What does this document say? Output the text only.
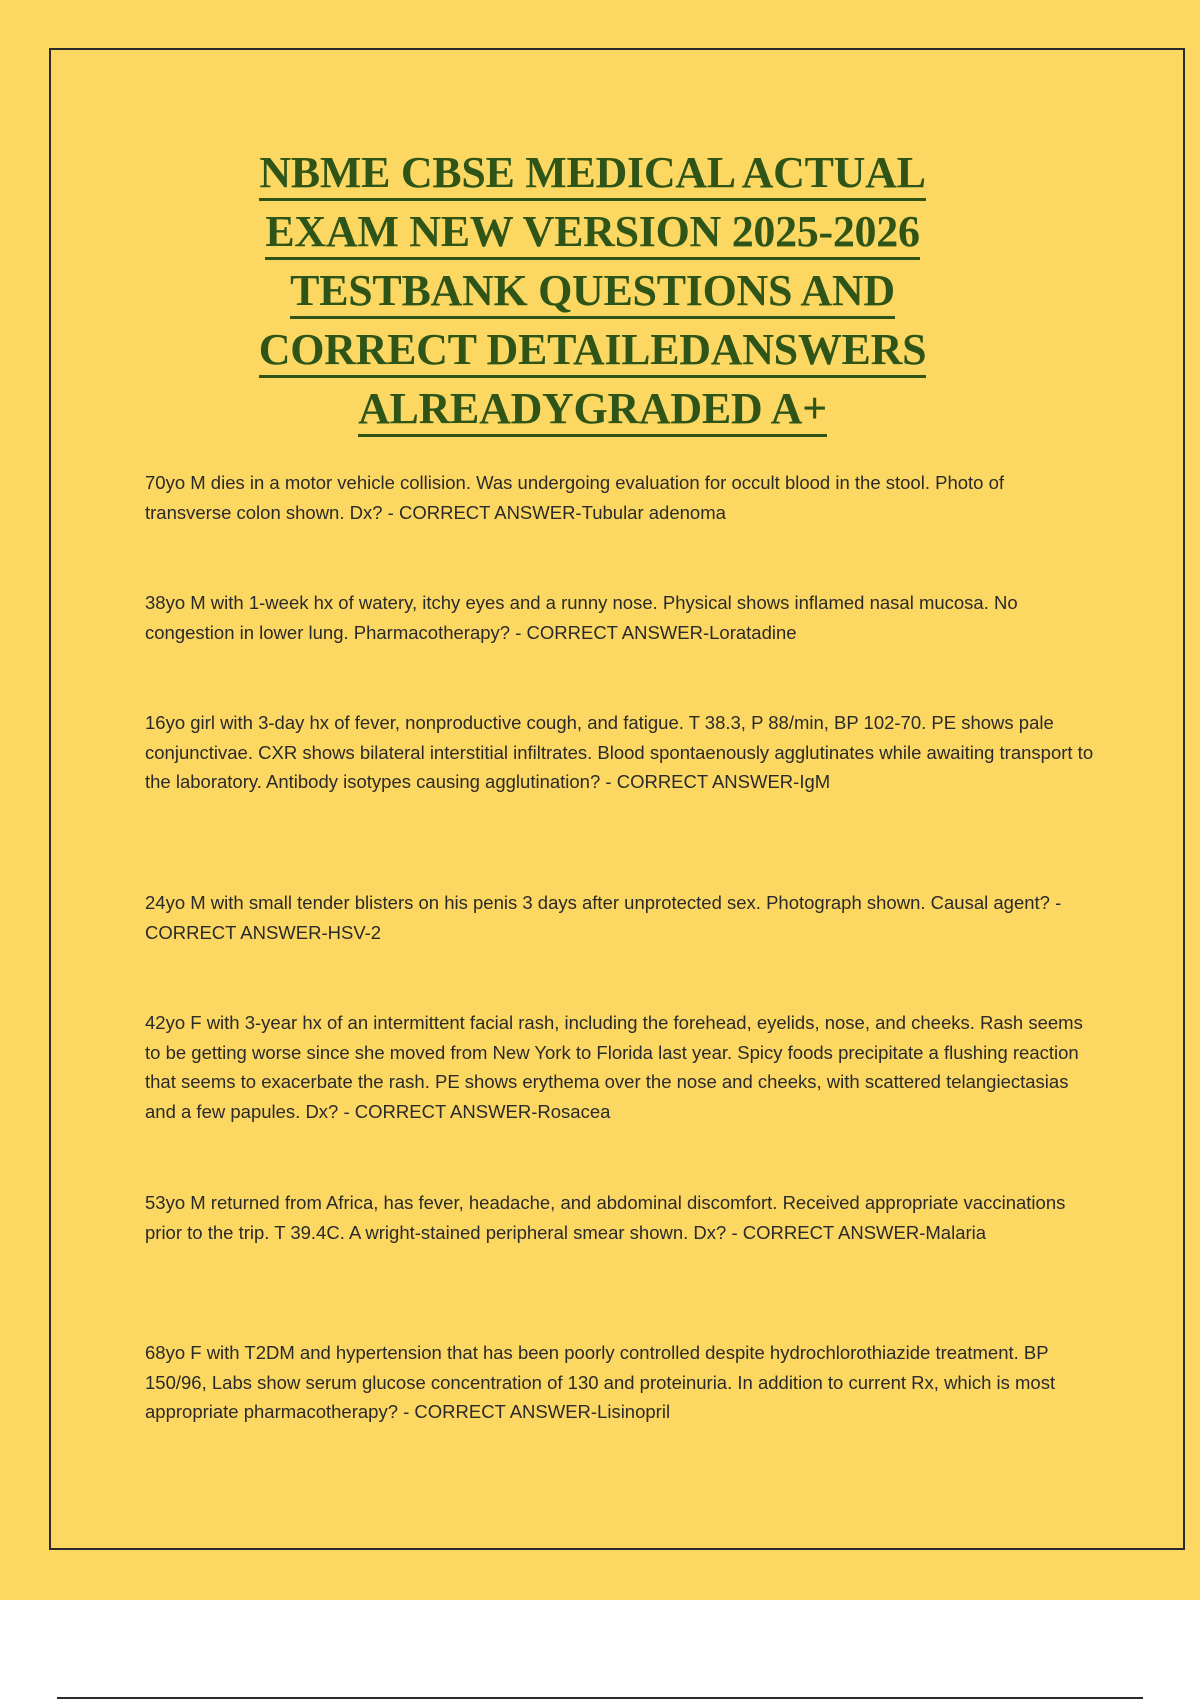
NBME CBSE MEDICAL ACTUAL
EXAM NEW VERSION 2025-2026
TESTBANK QUESTIONS AND
CORRECT DETAILEDANSWERS
ALREADYGRADED A+
70yo M dies in a motor vehicle collision. Was undergoing evaluation for occult blood in the stool. Photo of transverse colon shown. Dx? - CORRECT ANSWER-Tubular adenoma
38yo M with 1-week hx of watery, itchy eyes and a runny nose. Physical shows inflamed nasal mucosa. No congestion in lower lung. Pharmacotherapy? - CORRECT ANSWER-Loratadine
16yo girl with 3-day hx of fever, nonproductive cough, and fatigue. T 38.3, P 88/min, BP 102-70. PE shows pale conjunctivae. CXR shows bilateral interstitial infiltrates. Blood spontaenously agglutinates while awaiting transport to the laboratory. Antibody isotypes causing agglutination? - CORRECT ANSWER-IgM
24yo M with small tender blisters on his penis 3 days after unprotected sex. Photograph shown. Causal agent? - CORRECT ANSWER-HSV-2
42yo F with 3-year hx of an intermittent facial rash, including the forehead, eyelids, nose, and cheeks. Rash seems to be getting worse since she moved from New York to Florida last year. Spicy foods precipitate a flushing reaction that seems to exacerbate the rash. PE shows erythema over the nose and cheeks, with scattered telangiectasias and a few papules. Dx? - CORRECT ANSWER-Rosacea
53yo M returned from Africa, has fever, headache, and abdominal discomfort. Received appropriate vaccinations prior to the trip. T 39.4C. A wright-stained peripheral smear shown. Dx? - CORRECT ANSWER-Malaria
68yo F with T2DM and hypertension that has been poorly controlled despite hydrochlorothiazide treatment. BP 150/96, Labs show serum glucose concentration of 130 and proteinuria. In addition to current Rx, which is most appropriate pharmacotherapy? - CORRECT ANSWER-Lisinopril
